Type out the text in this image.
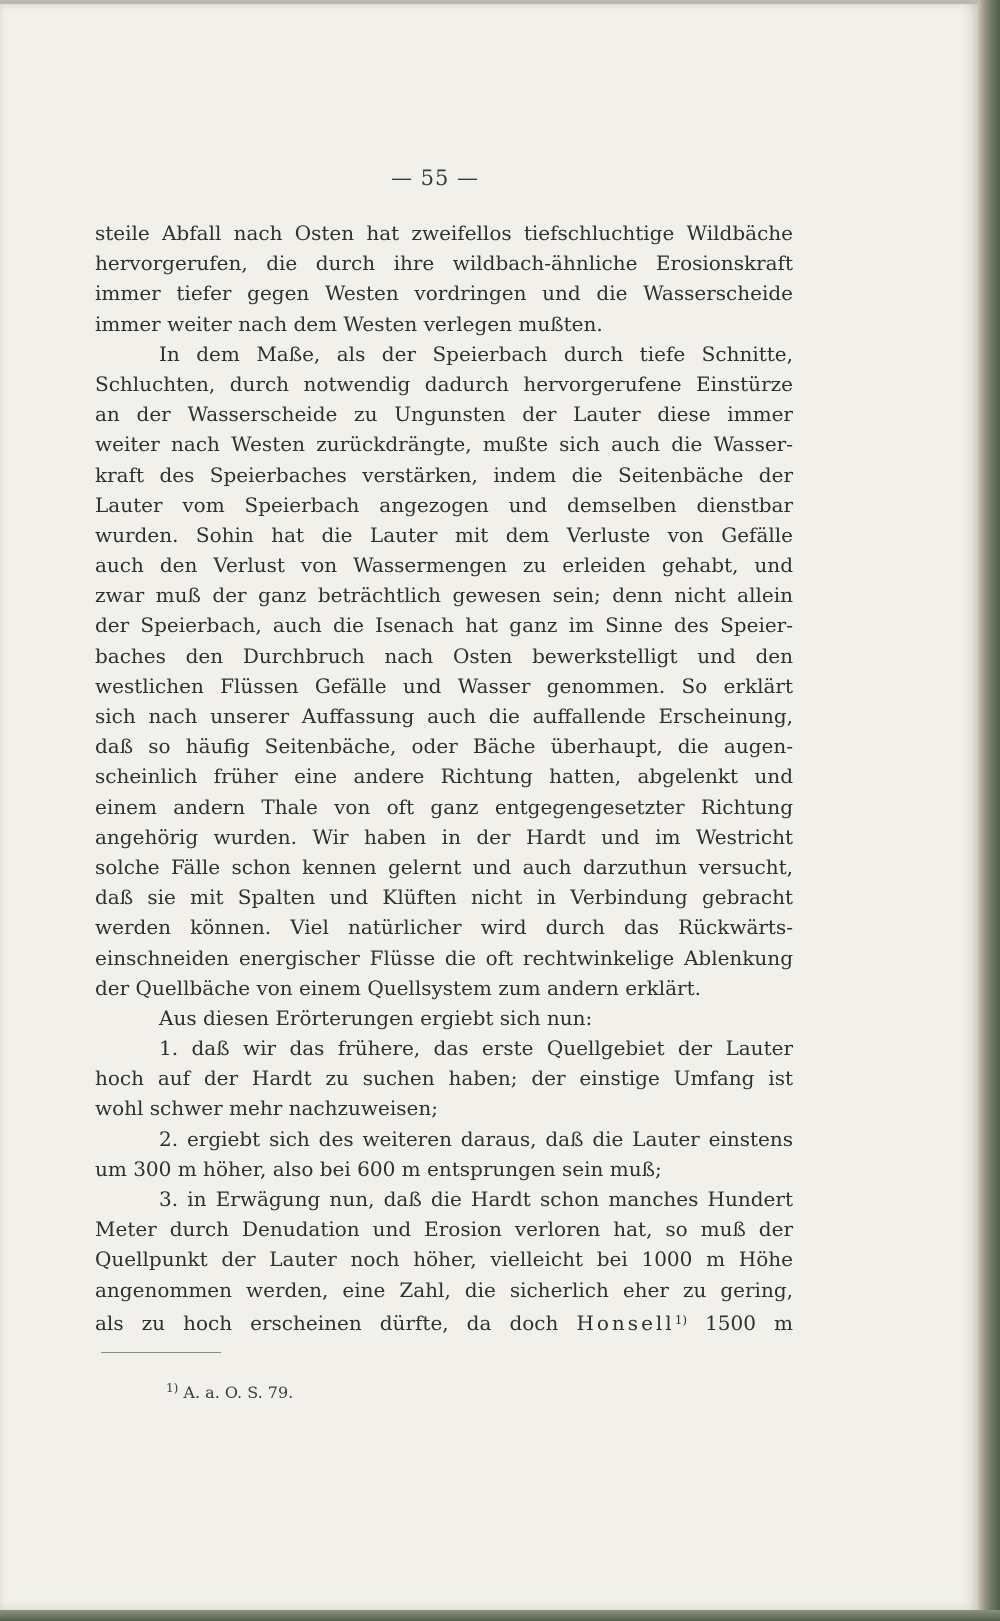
— 55 —
steile Abfall nach Osten hat zweifellos tiefschluchtige Wildbäche
hervorgerufen, die durch ihre wildbach-ähnliche Erosionskraft
immer tiefer gegen Westen vordringen und die Wasserscheide
immer weiter nach dem Westen verlegen mußten.
In dem Maße, als der Speierbach durch tiefe Schnitte,
Schluchten, durch notwendig dadurch hervorgerufene Einstürze
an der Wasserscheide zu Ungunsten der Lauter diese immer
weiter nach Westen zurückdrängte, mußte sich auch die Wasser-
kraft des Speierbaches verstärken, indem die Seitenbäche der
Lauter vom Speierbach angezogen und demselben dienstbar
wurden. Sohin hat die Lauter mit dem Verluste von Gefälle
auch den Verlust von Wassermengen zu erleiden gehabt, und
zwar muß der ganz beträchtlich gewesen sein; denn nicht allein
der Speierbach, auch die Isenach hat ganz im Sinne des Speier-
baches den Durchbruch nach Osten bewerkstelligt und den
westlichen Flüssen Gefälle und Wasser genommen. So erklärt
sich nach unserer Auffassung auch die auffallende Erscheinung,
daß so häufig Seitenbäche, oder Bäche überhaupt, die augen-
scheinlich früher eine andere Richtung hatten, abgelenkt und
einem andern Thale von oft ganz entgegengesetzter Richtung
angehörig wurden. Wir haben in der Hardt und im Westricht
solche Fälle schon kennen gelernt und auch darzuthun versucht,
daß sie mit Spalten und Klüften nicht in Verbindung gebracht
werden können. Viel natürlicher wird durch das Rückwärts-
einschneiden energischer Flüsse die oft rechtwinkelige Ablenkung
der Quellbäche von einem Quellsystem zum andern erklärt.
Aus diesen Erörterungen ergiebt sich nun:
1. daß wir das frühere, das erste Quellgebiet der Lauter
hoch auf der Hardt zu suchen haben; der einstige Umfang ist
wohl schwer mehr nachzuweisen;
2. ergiebt sich des weiteren daraus, daß die Lauter einstens
um 300 m höher, also bei 600 m entsprungen sein muß;
3. in Erwägung nun, daß die Hardt schon manches Hundert
Meter durch Denudation und Erosion verloren hat, so muß der
Quellpunkt der Lauter noch höher, vielleicht bei 1000 m Höhe
angenommen werden, eine Zahl, die sicherlich eher zu gering,
als zu hoch erscheinen dürfte, da doch Honsell$^{1)}$ 1500 m
$^{1)}$ A. a. O. S. 79.
